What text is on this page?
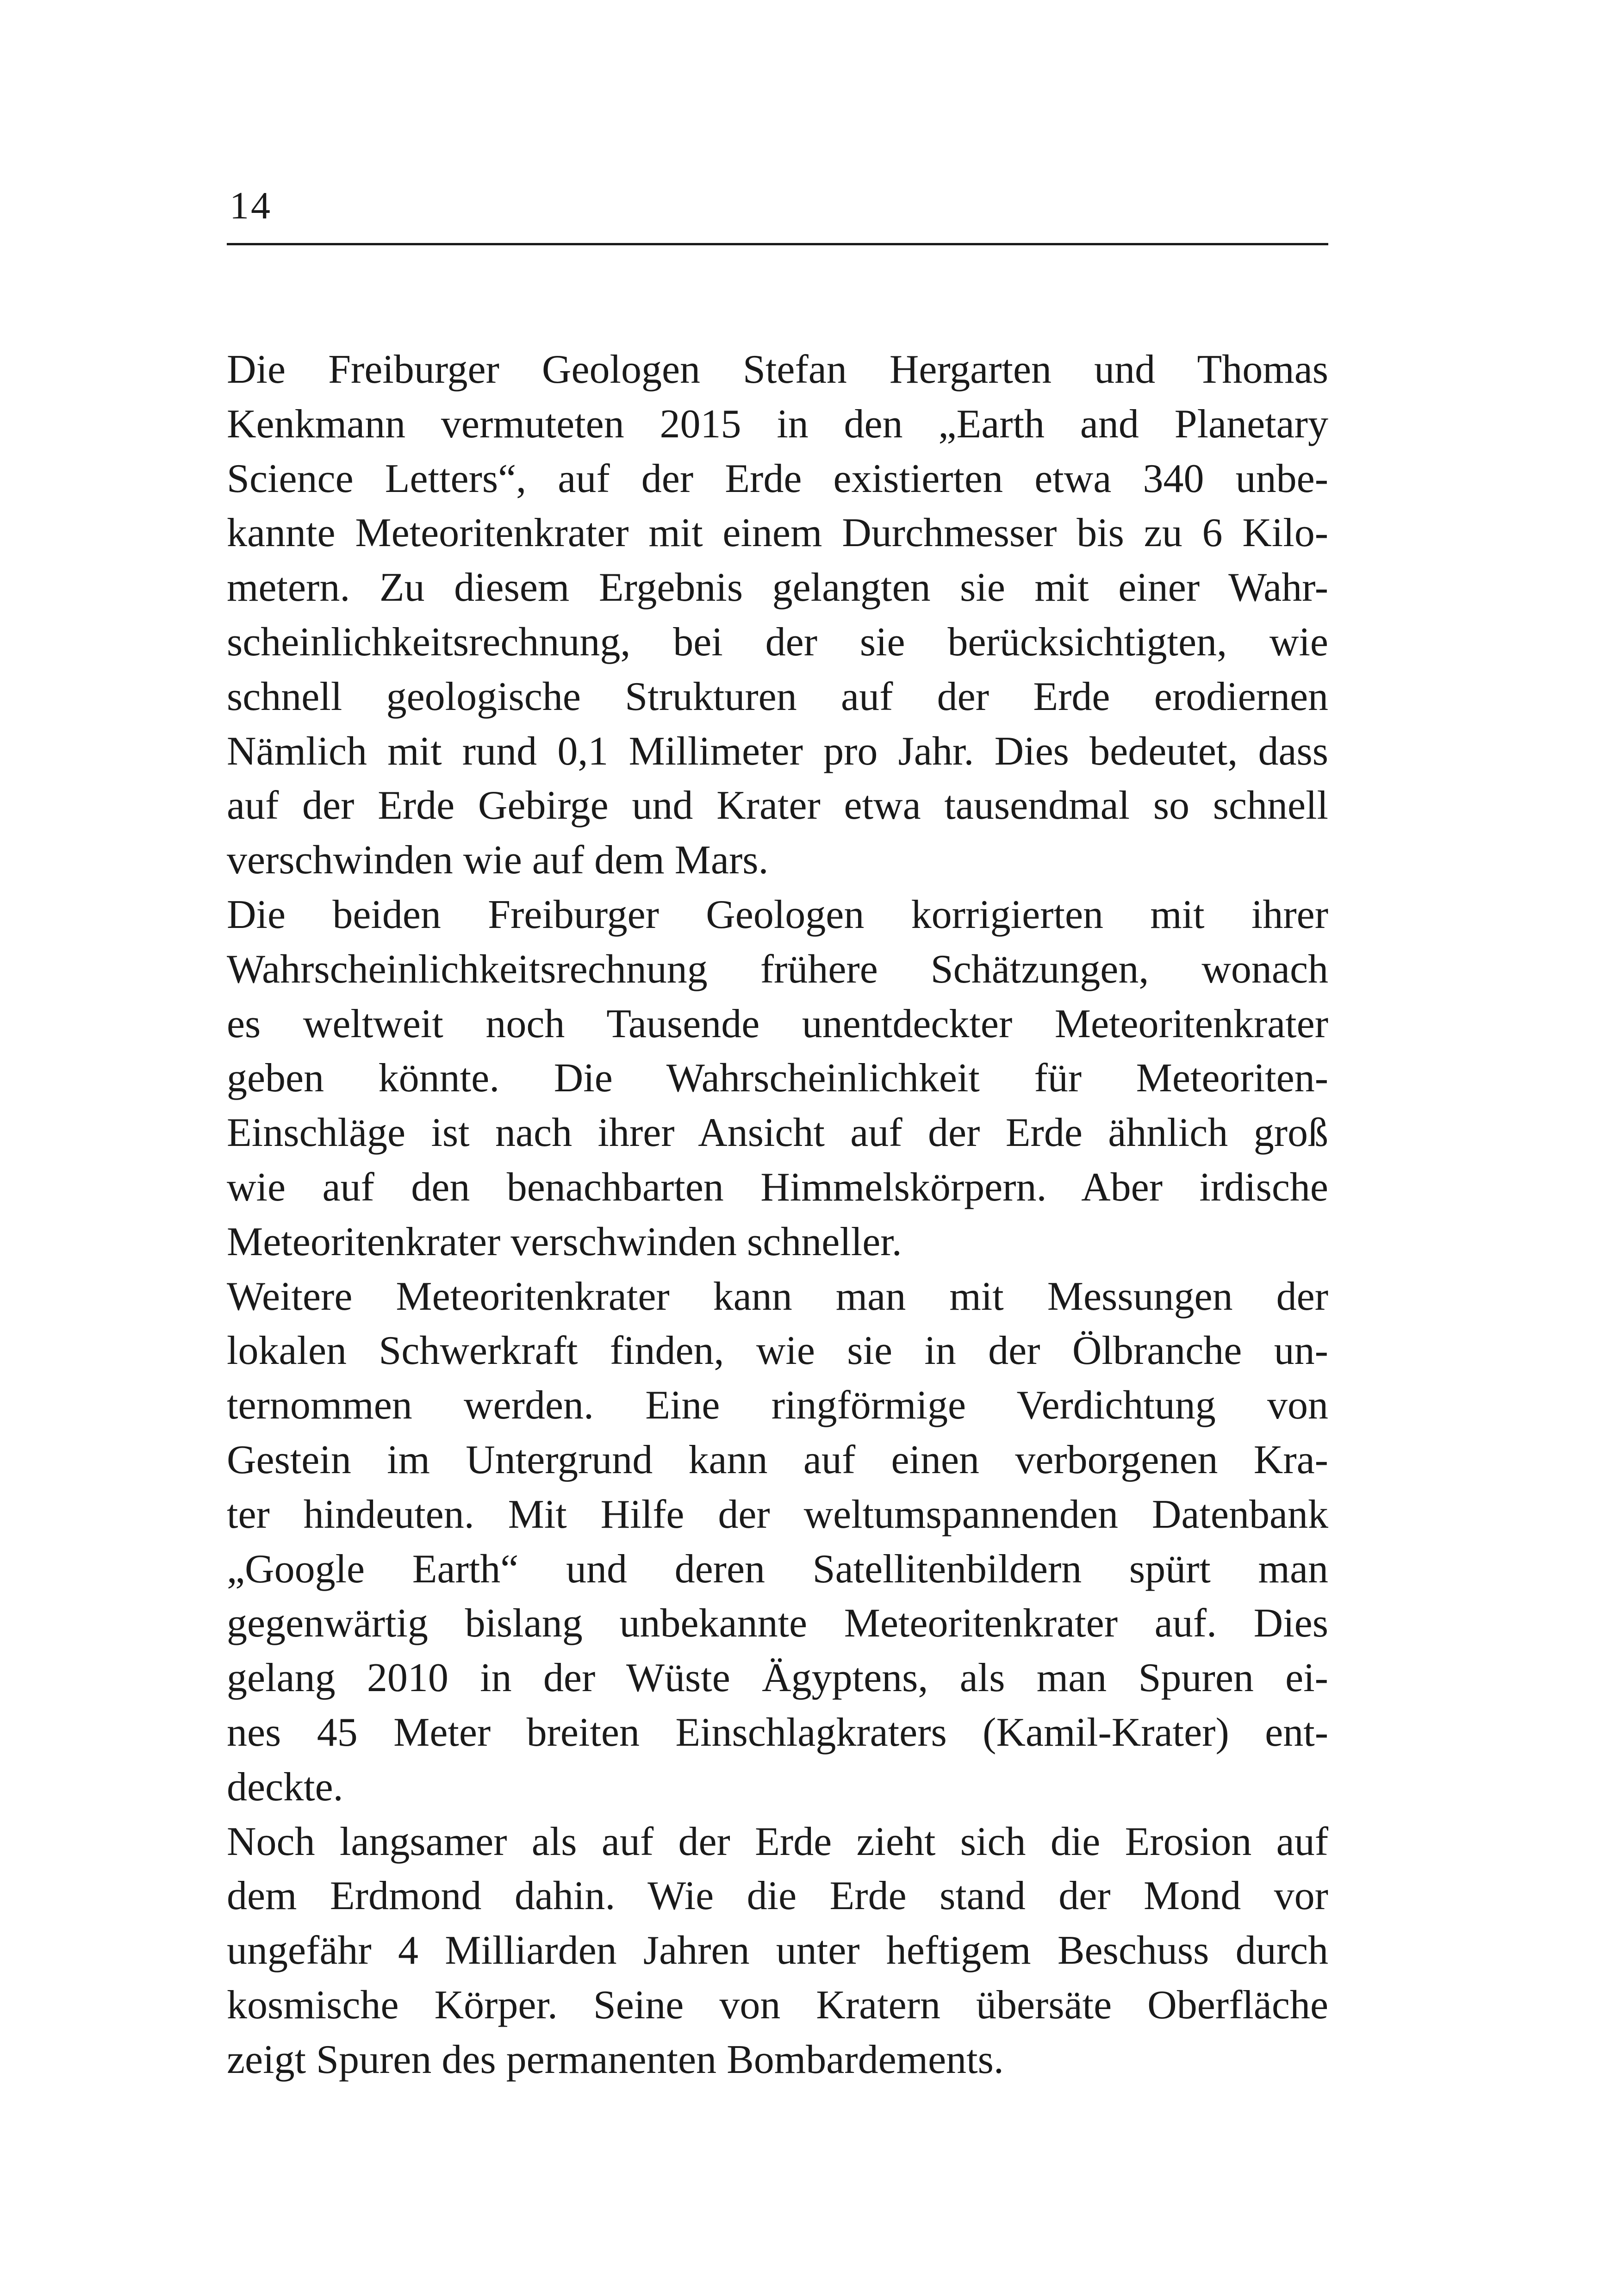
14
Die Freiburger Geologen Stefan Hergarten und Thomas
Kenkmann vermuteten 2015 in den „Earth and Planetary
Science Letters“, auf der Erde existierten etwa 340 unbe-
kannte Meteoritenkrater mit einem Durchmesser bis zu 6 Kilo-
metern. Zu diesem Ergebnis gelangten sie mit einer Wahr-
scheinlichkeitsrechnung, bei der sie berücksichtigten, wie
schnell geologische Strukturen auf der Erde erodiernen
Nämlich mit rund 0,1 Millimeter pro Jahr. Dies bedeutet, dass
auf der Erde Gebirge und Krater etwa tausendmal so schnell
verschwinden wie auf dem Mars.
Die beiden Freiburger Geologen korrigierten mit ihrer
Wahrscheinlichkeitsrechnung frühere Schätzungen, wonach
es weltweit noch Tausende unentdeckter Meteoritenkrater
geben könnte. Die Wahrscheinlichkeit für Meteoriten-
Einschläge ist nach ihrer Ansicht auf der Erde ähnlich groß
wie auf den benachbarten Himmelskörpern. Aber irdische
Meteoritenkrater verschwinden schneller.
Weitere Meteoritenkrater kann man mit Messungen der
lokalen Schwerkraft finden, wie sie in der Ölbranche un-
ternommen werden. Eine ringförmige Verdichtung von
Gestein im Untergrund kann auf einen verborgenen Kra-
ter hindeuten. Mit Hilfe der weltumspannenden Datenbank
„Google Earth“ und deren Satellitenbildern spürt man
gegenwärtig bislang unbekannte Meteoritenkrater auf. Dies
gelang 2010 in der Wüste Ägyptens, als man Spuren ei-
nes 45 Meter breiten Einschlagkraters (Kamil-Krater) ent-
deckte.
Noch langsamer als auf der Erde zieht sich die Erosion auf
dem Erdmond dahin. Wie die Erde stand der Mond vor
ungefähr 4 Milliarden Jahren unter heftigem Beschuss durch
kosmische Körper. Seine von Kratern übersäte Oberfläche
zeigt Spuren des permanenten Bombardements.
